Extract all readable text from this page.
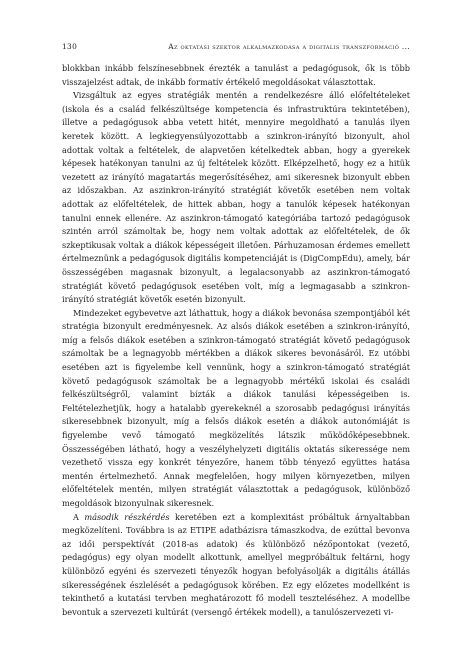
130	Az oktatási szektor alkalmazkodása a digitális transzformáció ...

blokkban inkább felszínesebbnek érezték a tanulást a pedagógusok, ők is több visszajelzést adtak, de inkább formatív értékelő megoldásokat választottak.

Vizsgáltuk az egyes stratégiák mentén a rendelkezésre álló előfeltételeket (iskola és a család felkészültsége kompetencia és infrastruktúra tekintetében), illetve a pedagógusok abba vetett hitét, mennyire megoldható a tanulás ilyen keretek között. A legkiegyensúlyozottabb a szinkron-irányító bizonyult, ahol adottak voltak a feltételek, de alapvetően kételkedtek abban, hogy a gyerekek képesek hatékonyan tanulni az új feltételek között. Elképzelhető, hogy ez a hitük vezetett az irányító magatartás megerősítéséhez, ami sikeresnek bizonyult ebben az időszakban. Az aszinkron-irányító stratégiát követők esetében nem voltak adottak az előfeltételek, de hittek abban, hogy a tanulók képesek hatékonyan tanulni ennek ellenére. Az aszinkron-támogató kategóriába tartozó pedagógusok szintén arról számoltak be, hogy nem voltak adottak az előfeltételek, de ők szkeptikusak voltak a diákok képességeit illetően. Párhuzamosan érdemes emellett értelmeznünk a pedagógusok digitális kompetenciáját is (DigCompEdu), amely, bár összességében magasnak bizonyult, a legalacsonyabb az aszinkron-támogató stratégiát követő pedagógusok esetében volt, míg a legmagasabb a szinkron-irányító stratégiát követők esetén bizonyult.

Mindezeket egybevetve azt láthattuk, hogy a diákok bevonása szempontjából két stratégia bizonyult eredményesnek. Az alsós diákok esetében a szinkron-irányító, míg a felsős diákok esetében a szinkron-támogató stratégiát követő pedagógusok számoltak be a legnagyobb mértékben a diákok sikeres bevonásáról. Ez utóbbi esetében azt is figyelembe kell vennünk, hogy a szinkron-támogató stratégiát követő pedagógusok számoltak be a legnagyobb mértékű iskolai és családi felkészültségről, valamint bízták a diákok tanulási képességeiben is. Feltételezhetjük, hogy a hatalabb gyerekeknél a szorosabb pedagógusi irányítás sikeresebbnek bizonyult, míg a felsős diákok esetén a diákok autonómiáját is figyelembe vevő támogató megközelítés látszik működőképesebbnek. Összességében látható, hogy a veszélyhelyzeti digitális oktatás sikeressége nem vezethető vissza egy konkrét tényezőre, hanem több tényező együttes hatása mentén értelmezhető. Annak megfelelően, hogy milyen környezetben, milyen előfeltételek mentén, milyen stratégiát választottak a pedagógusok, különböző megoldások bizonyulnak sikeresnek.

A második részkérdés keretében ezt a komplexitást próbáltuk árnyaltabban megközelíteni. Továbbra is az ETIPE adatbázisra támaszkodva, de ezúttal bevonva az idői perspektívát (2018-as adatok) és különböző nézőpontokat (vezető, pedagógus) egy olyan modellt alkottunk, amellyel megpróbáltuk feltárni, hogy különböző egyéni és szervezeti tényezők hogyan befolyásolják a digitális átállás sikerességének észlelését a pedagógusok körében. Ez egy előzetes modellként is tekinthető a kutatási tervben meghatározott fő modell teszteléséhez. A modellbe bevontuk a szervezeti kultúrát (versengő értékek modell), a tanulószervezeti vi-
